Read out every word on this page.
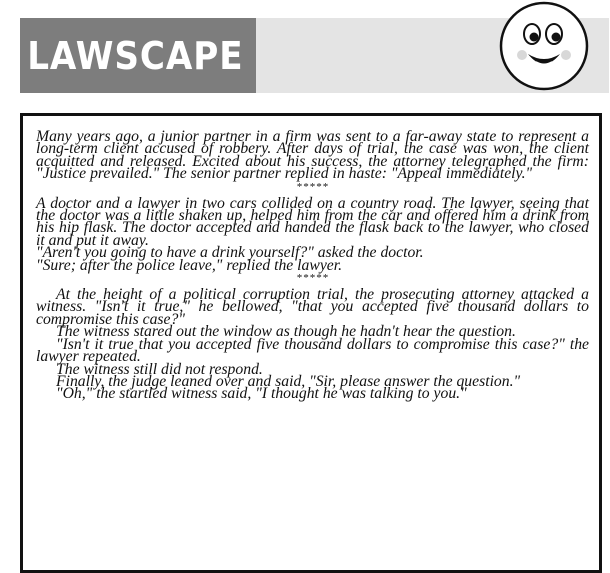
LAWSCAPE

Many years ago, a junior partner in a firm was sent to a far-away state to represent a long-term client accused of robbery. After days of trial, the case was won, the client acquitted and released. Excited about his success, the attorney telegraphed the firm: "Justice prevailed." The senior partner replied in haste: "Appeal immediately."

*****

A doctor and a lawyer in two cars collided on a country road. The lawyer, seeing that the doctor was a little shaken up, helped him from the car and offered him a drink from his hip flask. The doctor accepted and handed the flask back to the lawyer, who closed it and put it away.

"Aren't you going to have a drink yourself?" asked the doctor.

"Sure; after the police leave," replied the lawyer.

*****

At the height of a political corruption trial, the prosecuting attorney attacked a witness. "Isn't it true," he bellowed, "that you accepted five thousand dollars to compromise this case?"

The witness stared out the window as though he hadn't hear the question.

"Isn't it true that you accepted five thousand dollars to compromise this case?" the lawyer repeated.

The witness still did not respond.

Finally, the judge leaned over and said, "Sir, please answer the question."

"Oh," the startled witness said, "I thought he was talking to you."
